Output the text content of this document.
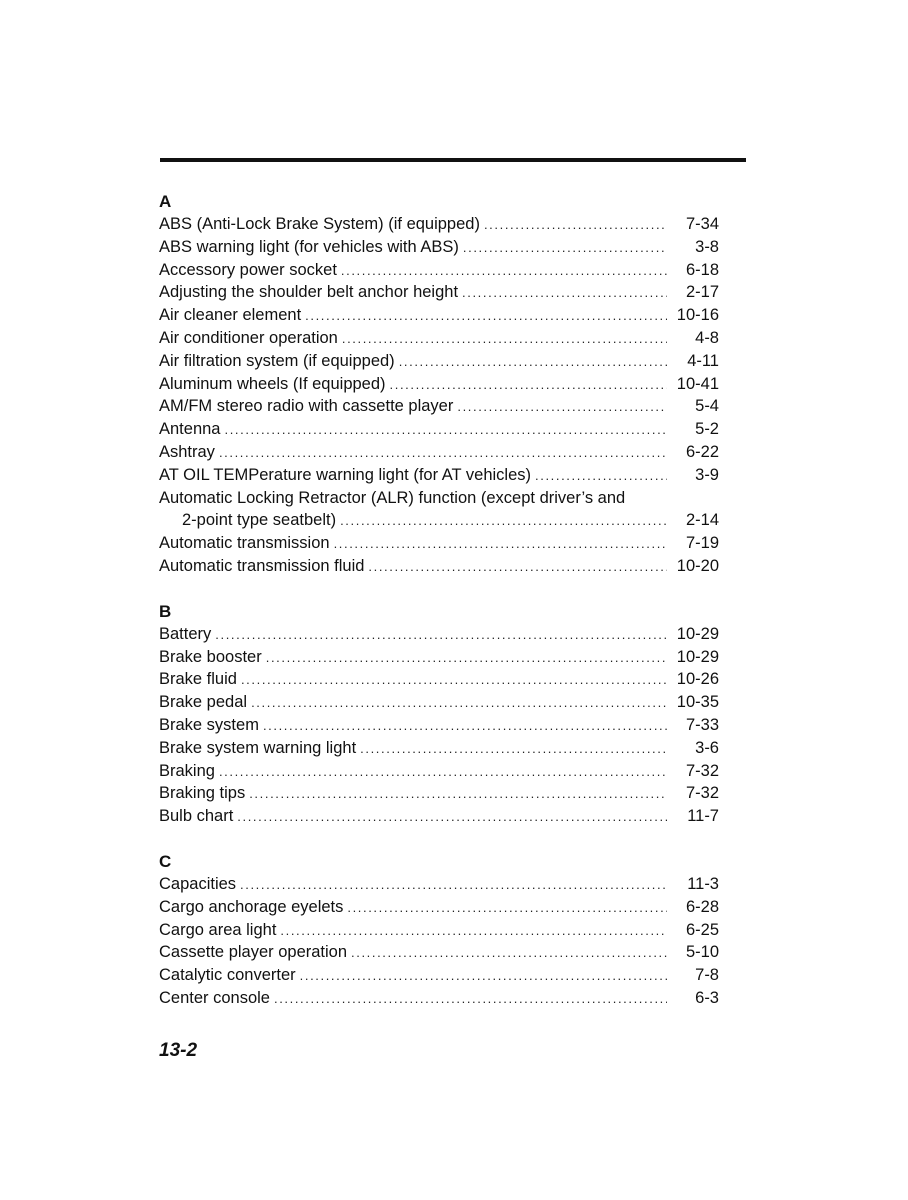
A
ABS (Anti-Lock Brake System) (if equipped) .....	7-34
ABS warning light (for vehicles with ABS) .....	3-8
Accessory power socket .....	6-18
Adjusting the shoulder belt anchor height .....	2-17
Air cleaner element .....	10-16
Air conditioner operation .....	4-8
Air filtration system (if equipped) .....	4-11
Aluminum wheels (If equipped) .....	10-41
AM/FM stereo radio with cassette player .....	5-4
Antenna .....	5-2
Ashtray .....	6-22
AT OIL TEMPerature warning light (for AT vehicles) .....	3-9
Automatic Locking Retractor (ALR) function (except driver’s and
2-point type seatbelt) .....	2-14
Automatic transmission .....	7-19
Automatic transmission fluid .....	10-20
B
Battery .....	10-29
Brake booster .....	10-29
Brake fluid .....	10-26
Brake pedal .....	10-35
Brake system .....	7-33
Brake system warning light .....	3-6
Braking .....	7-32
Braking tips .....	7-32
Bulb chart .....	11-7
C
Capacities .....	11-3
Cargo anchorage eyelets .....	6-28
Cargo area light .....	6-25
Cassette player operation .....	5-10
Catalytic converter .....	7-8
Center console .....	6-3
13-2
